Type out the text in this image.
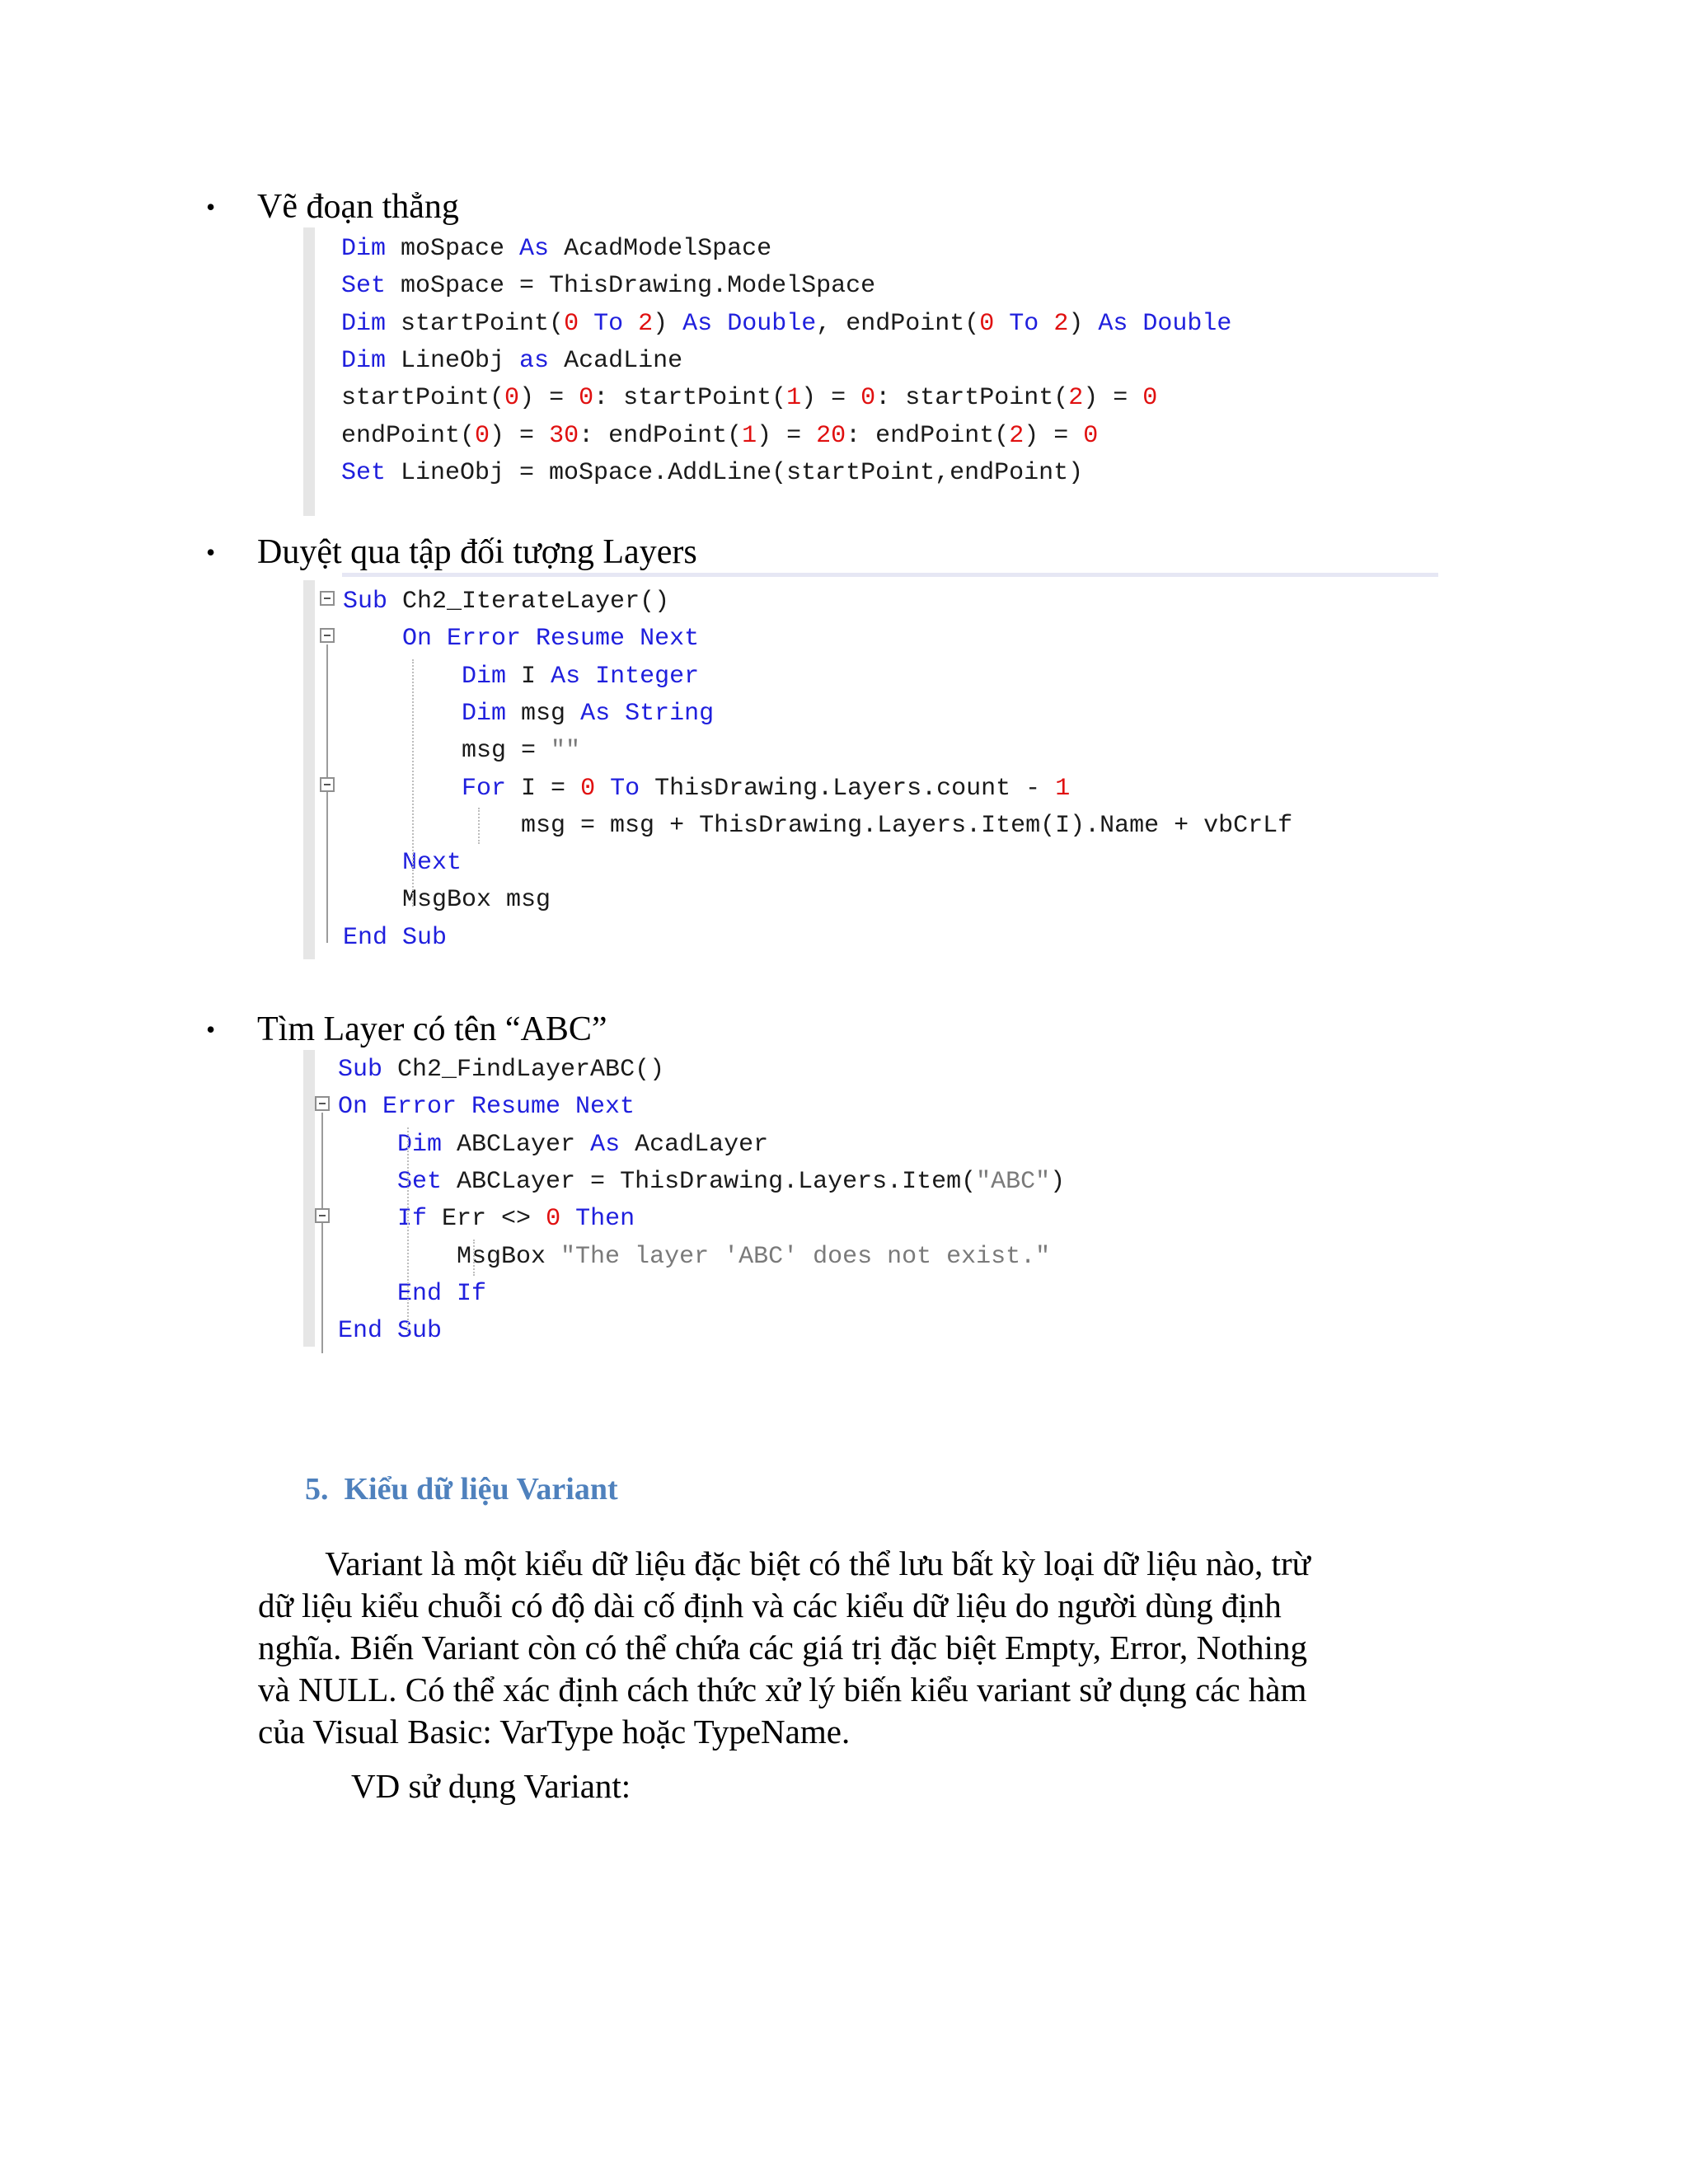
•	Vẽ đoạn thẳng

Dim moSpace As AcadModelSpace
Set moSpace = ThisDrawing.ModelSpace
Dim startPoint(0 To 2) As Double, endPoint(0 To 2) As Double
Dim LineObj as AcadLine
startPoint(0) = 0: startPoint(1) = 0: startPoint(2) = 0
endPoint(0) = 30: endPoint(1) = 20: endPoint(2) = 0
Set LineObj = moSpace.AddLine(startPoint,endPoint)
•	Duyệt qua tập đối tượng Layers

Sub Ch2_IterateLayer()
On Error Resume Next
Dim I As Integer
Dim msg As String
msg = ""
For I = 0 To ThisDrawing.Layers.count - 1
msg = msg + ThisDrawing.Layers.Item(I).Name + vbCrLf
Next
MsgBox msg
End Sub
•	Tìm Layer có tên “ABC”

Sub Ch2_FindLayerABC()
On Error Resume Next
Dim ABCLayer As AcadLayer
Set ABCLayer = ThisDrawing.Layers.Item("ABC")
If Err <> 0 Then
MsgBox "The layer 'ABC' does not exist."
End If
End Sub
5. Kiểu dữ liệu Variant
Variant là một kiểu dữ liệu đặc biệt có thể lưu bất kỳ loại dữ liệu nào, trừ
dữ liệu kiểu chuỗi có độ dài cố định và các kiểu dữ liệu do người dùng định
nghĩa. Biến Variant còn có thể chứa các giá trị đặc biệt Empty, Error, Nothing
và NULL. Có thể xác định cách thức xử lý biến kiểu variant sử dụng các hàm
của Visual Basic: VarType hoặc TypeName.
VD sử dụng Variant:
